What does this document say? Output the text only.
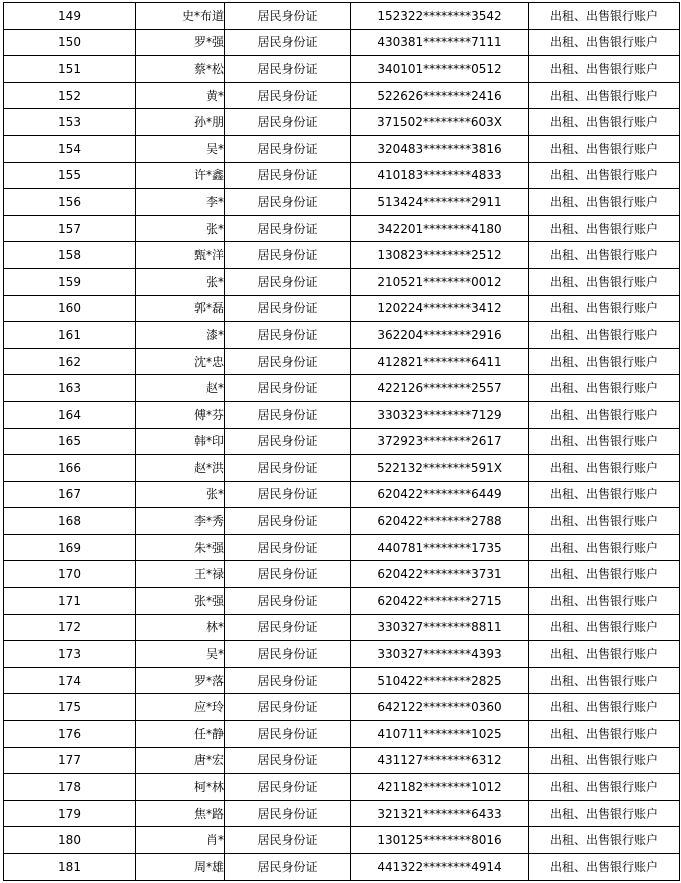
149	史*布道	居民身份证	152322********3542	出租、出售银行账户
150	罗*强	居民身份证	430381********7111	出租、出售银行账户
151	蔡*松	居民身份证	340101********0512	出租、出售银行账户
152	黄*	居民身份证	522626********2416	出租、出售银行账户
153	孙*朋	居民身份证	371502********603X	出租、出售银行账户
154	吴*	居民身份证	320483********3816	出租、出售银行账户
155	许*鑫	居民身份证	410183********4833	出租、出售银行账户
156	李*	居民身份证	513424********2911	出租、出售银行账户
157	张*	居民身份证	342201********4180	出租、出售银行账户
158	甄*洋	居民身份证	130823********2512	出租、出售银行账户
159	张*	居民身份证	210521********0012	出租、出售银行账户
160	郭*磊	居民身份证	120224********3412	出租、出售银行账户
161	漆*	居民身份证	362204********2916	出租、出售银行账户
162	沈*忠	居民身份证	412821********6411	出租、出售银行账户
163	赵*	居民身份证	422126********2557	出租、出售银行账户
164	傅*芬	居民身份证	330323********7129	出租、出售银行账户
165	韩*印	居民身份证	372923********2617	出租、出售银行账户
166	赵*洪	居民身份证	522132********591X	出租、出售银行账户
167	张*	居民身份证	620422********6449	出租、出售银行账户
168	李*秀	居民身份证	620422********2788	出租、出售银行账户
169	朱*强	居民身份证	440781********1735	出租、出售银行账户
170	王*禄	居民身份证	620422********3731	出租、出售银行账户
171	张*强	居民身份证	620422********2715	出租、出售银行账户
172	林*	居民身份证	330327********8811	出租、出售银行账户
173	吴*	居民身份证	330327********4393	出租、出售银行账户
174	罗*落	居民身份证	510422********2825	出租、出售银行账户
175	应*玲	居民身份证	642122********0360	出租、出售银行账户
176	任*静	居民身份证	410711********1025	出租、出售银行账户
177	唐*宏	居民身份证	431127********6312	出租、出售银行账户
178	柯*林	居民身份证	421182********1012	出租、出售银行账户
179	焦*路	居民身份证	321321********6433	出租、出售银行账户
180	肖*	居民身份证	130125********8016	出租、出售银行账户
181	周*雄	居民身份证	441322********4914	出租、出售银行账户
